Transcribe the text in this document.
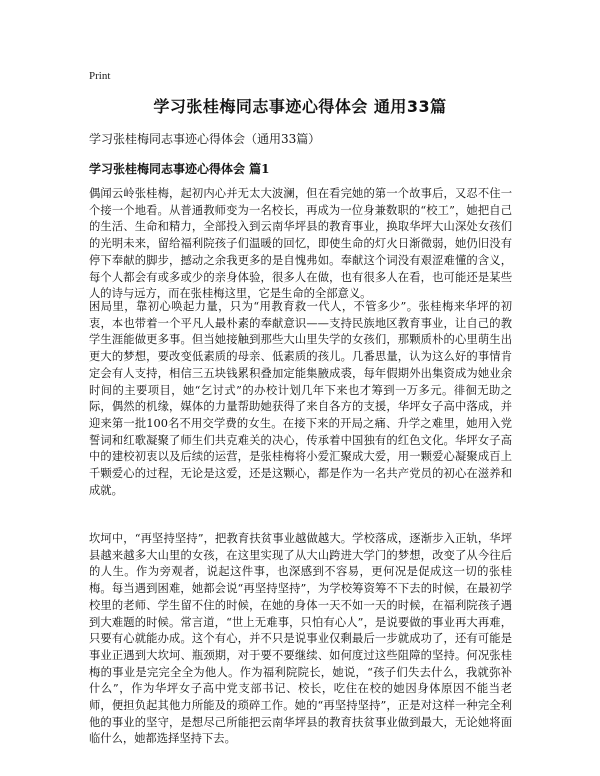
Print
学习张桂梅同志事迹心得体会 通用33篇

学习张桂梅同志事迹心得体会（通用33篇）

学习张桂梅同志事迹心得体会 篇1

偶闻云岭张桂梅，起初内心并无太大波澜，但在看完她的第一个故事后，又忍不住一个接一个地看。从普通教师变为一名校长，再成为一位身兼数职的“校工”，她把自己的生活、生命和精力，全部投入到云南华坪县的教育事业，换取华坪大山深处女孩们的光明未来，留给福利院孩子们温暖的回忆，即使生命的灯火日渐微弱，她仍旧没有停下奉献的脚步，撼动之余我更多的是自愧弗如。奉献这个词没有艰涩难懂的含义，每个人都会有或多或少的亲身体验，很多人在做，也有很多人在看，也可能还是某些人的诗与远方，而在张桂梅这里，它是生命的全部意义。

困局里，靠初心唤起力量，只为“用教育救一代人，不管多少”。张桂梅来华坪的初衷，本也带着一个平凡人最朴素的奉献意识——支持民族地区教育事业，让自己的教学生涯能做更多事。但当她接触到那些大山里失学的女孩们，那颗质朴的心里萌生出更大的梦想，要改变低素质的母亲、低素质的孩儿。几番思量，认为这么好的事情肯定会有人支持，相信三五块钱累积叠加定能集腋成裘，每年假期外出集资成为她业余时间的主要项目，她“乞讨式”的办校计划几年下来也才筹到一万多元。徘徊无助之际，偶然的机缘，媒体的力量帮助她获得了来自各方的支援，华坪女子高中落成，并迎来第一批100名不用交学费的女生。在接下来的开局之痛、升学之难里，她用入党誓词和红歌凝聚了师生们共克难关的决心，传承着中国独有的红色文化。华坪女子高中的建校初衷以及后续的运营，是张桂梅将小爱汇聚成大爱，用一颗爱心凝聚成百上千颗爱心的过程，无论是这爱，还是这颗心，都是作为一名共产党员的初心在滋养和成就。

坎坷中，“再坚持坚持”，把教育扶贫事业越做越大。学校落成，逐渐步入正轨，华坪县越来越多大山里的女孩，在这里实现了从大山跨进大学门的梦想，改变了从今往后的人生。作为旁观者，说起这件事，也深感到不容易，更何况是促成这一切的张桂梅。每当遇到困难，她都会说“再坚持坚持”，为学校筹资筹不下去的时候，在最初学校里的老师、学生留不住的时候，在她的身体一天不如一天的时候，在福利院孩子遇到大难题的时候。常言道，“世上无难事，只怕有心人”，是说要做的事业再大再难，只要有心就能办成。这个有心，并不只是说事业仅剩最后一步就成功了，还有可能是事业正遇到大坎坷、瓶颈期，对于要不要继续、如何度过这些阻障的坚持。何况张桂梅的事业是完完全全为他人。作为福利院院长，她说，“孩子们失去什么，我就弥补什么”，作为华坪女子高中党支部书记、校长，吃住在校的她因身体原因不能当老师，便担负起其他力所能及的琐碎工作。她的“再坚持坚持”，正是对这样一种完全利他的事业的坚守，是想尽己所能把云南华坪县的教育扶贫事业做到最大，无论她将面临什么，她都选择坚持下去。
